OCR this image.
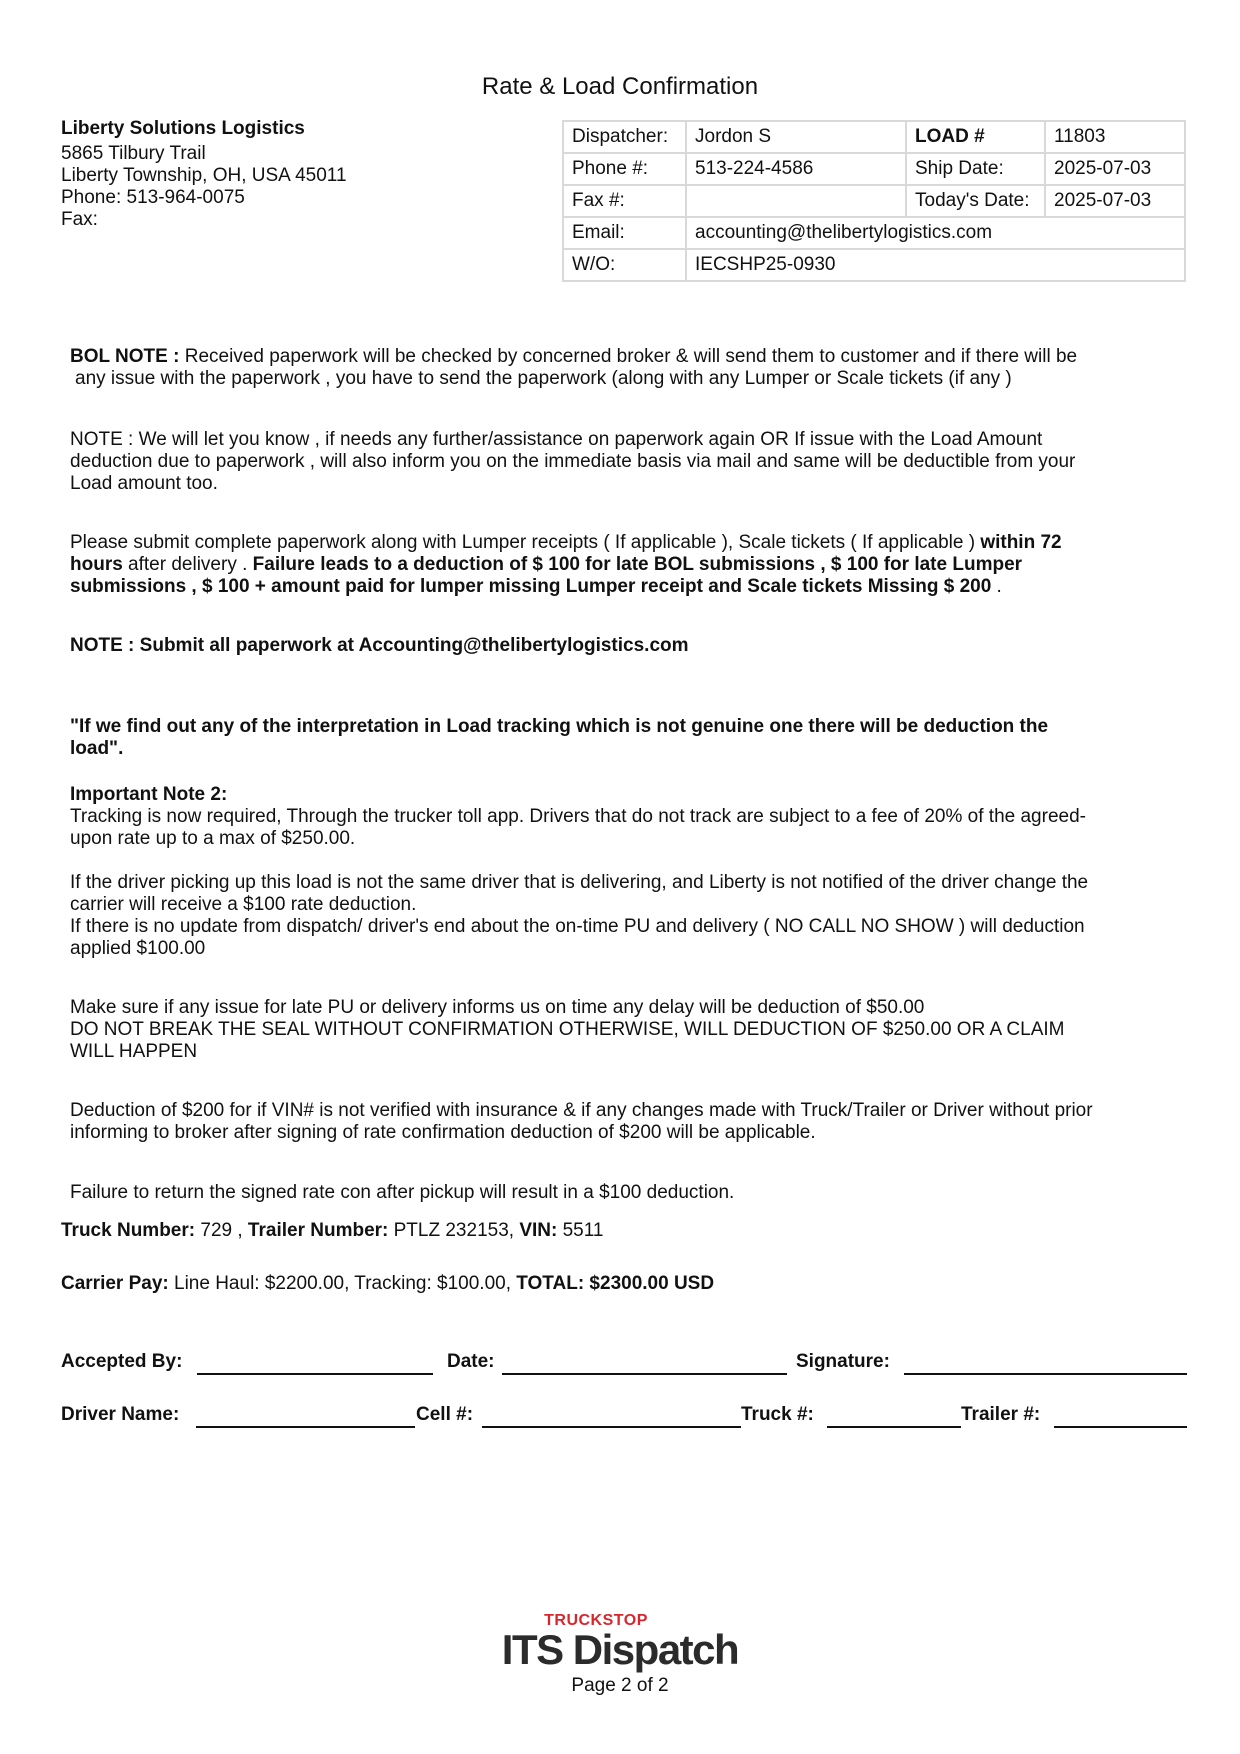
Rate & Load Confirmation
Liberty Solutions Logistics
5865 Tilbury Trail
Liberty Township, OH, USA 45011
Phone: 513-964-0075
Fax:
Dispatcher:	Jordon S	LOAD #	11803
Phone #:	513-224-4586	Ship Date:	2025-07-03
Fax #:		Today's Date:	2025-07-03
Email:	accounting@thelibertylogistics.com		
W/O:	IECSHP25-0930		
BOL NOTE : Received paperwork will be checked by concerned broker & will send them to customer and if there will be
any issue with the paperwork , you have to send the paperwork (along with any Lumper or Scale tickets (if any )
NOTE : We will let you know , if needs any further/assistance on paperwork again OR If issue with the Load Amount
deduction due to paperwork , will also inform you on the immediate basis via mail and same will be deductible from your
Load amount too.
Please submit complete paperwork along with Lumper receipts ( If applicable ), Scale tickets ( If applicable ) within 72
hours after delivery . Failure leads to a deduction of $ 100 for late BOL submissions , $ 100 for late Lumper
submissions , $ 100 + amount paid for lumper missing Lumper receipt and Scale tickets Missing $ 200 .
NOTE : Submit all paperwork at Accounting@thelibertylogistics.com
"If we find out any of the interpretation in Load tracking which is not genuine one there will be deduction the
load".
Important Note 2:
Tracking is now required, Through the trucker toll app. Drivers that do not track are subject to a fee of 20% of the agreed-
upon rate up to a max of $250.00.
If the driver picking up this load is not the same driver that is delivering, and Liberty is not notified of the driver change the
carrier will receive a $100 rate deduction.
If there is no update from dispatch/ driver's end about the on-time PU and delivery ( NO CALL NO SHOW ) will deduction
applied $100.00
Make sure if any issue for late PU or delivery informs us on time any delay will be deduction of $50.00
DO NOT BREAK THE SEAL WITHOUT CONFIRMATION OTHERWISE, WILL DEDUCTION OF $250.00 OR A CLAIM
WILL HAPPEN
Deduction of $200 for if VIN# is not verified with insurance & if any changes made with Truck/Trailer or Driver without prior
informing to broker after signing of rate confirmation deduction of $200 will be applicable.
Failure to return the signed rate con after pickup will result in a $100 deduction.
Truck Number: 729 , Trailer Number: PTLZ 232153, VIN: 5511
Carrier Pay: Line Haul: $2200.00, Tracking: $100.00, TOTAL: $2300.00 USD
Accepted By:	Date:	Signature:
Driver Name:	Cell #:	Truck #:	Trailer #:
TRUCKSTOP
ITS Dispatch
Page 2 of 2
